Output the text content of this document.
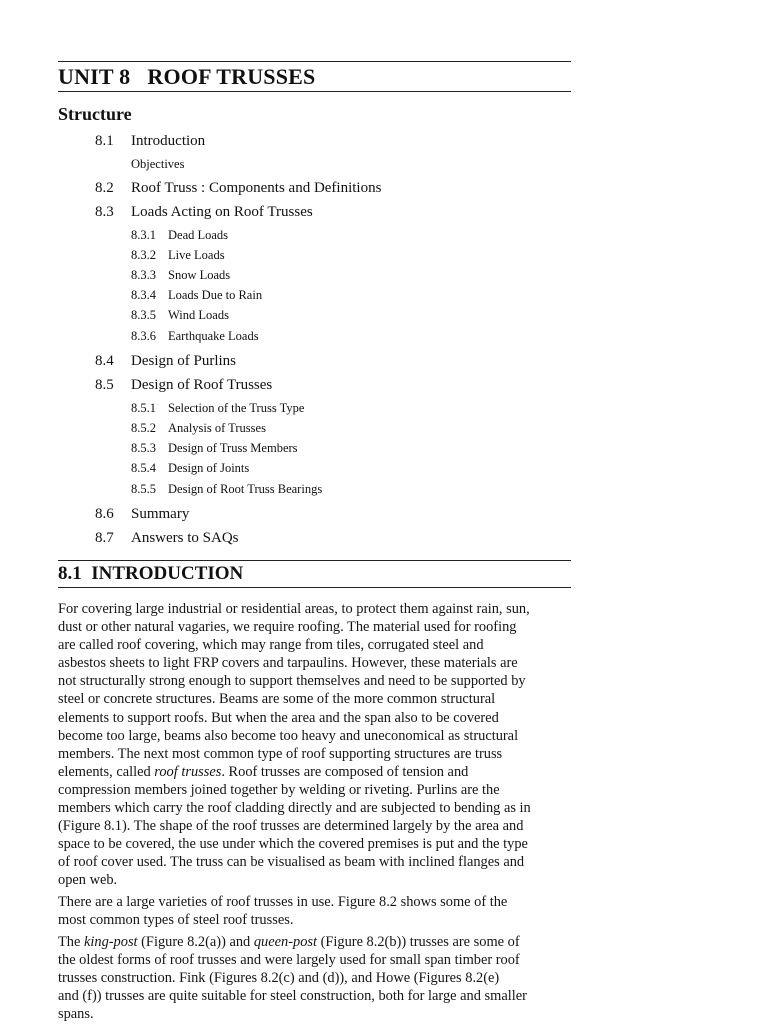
UNIT 8   ROOF TRUSSES
Structure
8.1 Introduction
Objectives
8.2 Roof Truss : Components and Definitions
8.3 Loads Acting on Roof Trusses
8.3.1 Dead Loads
8.3.2 Live Loads
8.3.3 Snow Loads
8.3.4 Loads Due to Rain
8.3.5 Wind Loads
8.3.6 Earthquake Loads
8.4 Design of Purlins
8.5 Design of Roof Trusses
8.5.1 Selection of the Truss Type
8.5.2 Analysis of Trusses
8.5.3 Design of Truss Members
8.5.4 Design of Joints
8.5.5 Design of Root Truss Bearings
8.6 Summary
8.7 Answers to SAQs
8.1  INTRODUCTION
For covering large industrial or residential areas, to protect them against rain, sun,
dust or other natural vagaries, we require roofing. The material used for roofing
are called roof covering, which may range from tiles, corrugated steel and
asbestos sheets to light FRP covers and tarpaulins. However, these materials are
not structurally strong enough to support themselves and need to be supported by
steel or concrete structures. Beams are some of the more common structural
elements to support roofs. But when the area and the span also to be covered
become too large, beams also become too heavy and uneconomical as structural
members. The next most common type of roof supporting structures are truss
elements, called roof trusses. Roof trusses are composed of tension and
compression members joined together by welding or riveting. Purlins are the
members which carry the roof cladding directly and are subjected to bending as in
(Figure 8.1). The shape of the roof trusses are determined largely by the area and
space to be covered, the use under which the covered premises is put and the type
of roof cover used. The truss can be visualised as beam with inclined flanges and
open web.
There are a large varieties of roof trusses in use. Figure 8.2 shows some of the
most common types of steel roof trusses.
The king-post (Figure 8.2(a)) and queen-post (Figure 8.2(b)) trusses are some of
the oldest forms of roof trusses and were largely used for small span timber roof
trusses construction. Fink (Figures 8.2(c) and (d)), and Howe (Figures 8.2(e)
and (f)) trusses are quite suitable for steel construction, both for large and smaller
spans.
